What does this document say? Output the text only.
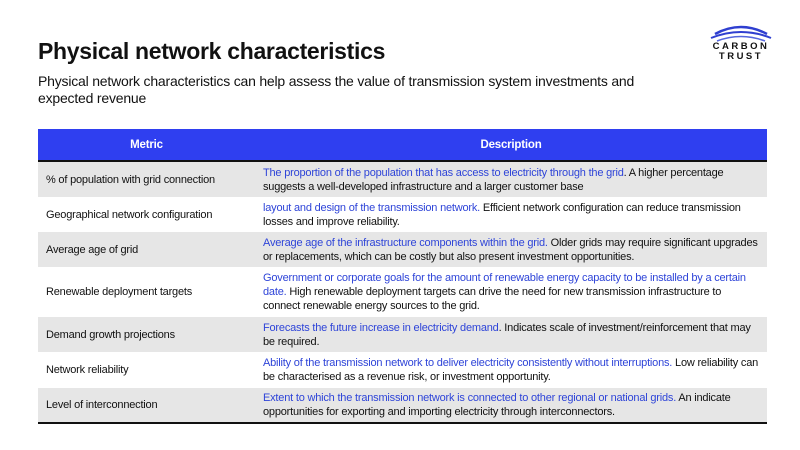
Physical network characteristics
Physical network characteristics can help assess the value of transmission system investments and expected revenue
CARBON
TRUST
Metric	Description
% of population with grid connection	The proportion of the population that has access to electricity through the grid. A higher percentage suggests a well-developed infrastructure and a larger customer base
Geographical network configuration	layout and design of the transmission network. Efficient network configuration can reduce transmission losses and improve reliability.
Average age of grid	Average age of the infrastructure components within the grid. Older grids may require significant upgrades or replacements, which can be costly but also present investment opportunities.
Renewable deployment targets	Government or corporate goals for the amount of renewable energy capacity to be installed by a certain date. High renewable deployment targets can drive the need for new transmission infrastructure to connect renewable energy sources to the grid.
Demand growth projections	Forecasts the future increase in electricity demand. Indicates scale of investment/reinforcement that may be required.
Network reliability	Ability of the transmission network to deliver electricity consistently without interruptions. Low reliability can be characterised as a revenue risk, or investment opportunity.
Level of interconnection	Extent to which the transmission network is connected to other regional or national grids. An indicate opportunities for exporting and importing electricity through interconnectors.
